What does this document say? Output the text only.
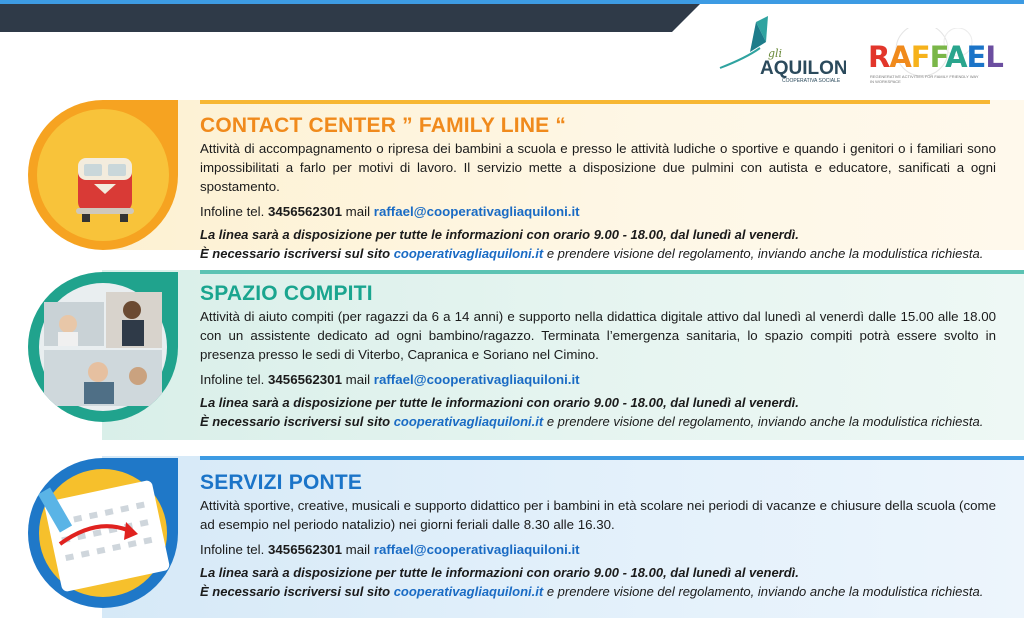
gli
AQUILONI
COOPERATIVA SOCIALE
RAFFAEL
REGENERATIVE ACTIVITIES FOR FAMILY FRIENDLY WAY IN WORKSPACE
CONTACT CENTER ” FAMILY LINE “
Attività di accompagnamento o ripresa dei bambini a scuola e presso le attività ludiche o sportive e quando i genitori o i familiari sono impossibilitati a farlo per motivi di lavoro. Il servizio mette a disposizione due pulmini con autista e educatore, sanificati a ogni spostamento.
Infoline tel. 3456562301 mail raffael@cooperativagliaquiloni.it
La linea sarà a disposizione per tutte le informazioni con orario 9.00 - 18.00, dal lunedì al venerdì.
È necessario iscriversi sul sito cooperativagliaquiloni.it e prendere visione del regolamento, inviando anche la modulistica richiesta.
SPAZIO COMPITI
Attività di aiuto compiti (per ragazzi da 6 a 14 anni) e supporto nella didattica digitale attivo dal lunedì al venerdì dalle 15.00 alle 18.00 con un assistente dedicato ad ogni bambino/ragazzo. Terminata l’emergenza sanitaria, lo spazio compiti potrà essere svolto in presenza presso le sedi di Viterbo, Capranica e Soriano nel Cimino.
Infoline tel. 3456562301 mail raffael@cooperativagliaquiloni.it
La linea sarà a disposizione per tutte le informazioni con orario 9.00 - 18.00, dal lunedì al venerdì.
È necessario iscriversi sul sito cooperativagliaquiloni.it e prendere visione del regolamento, inviando anche la modulistica richiesta.
SERVIZI PONTE
Attività sportive, creative, musicali e supporto didattico per i bambini in età scolare nei periodi di vacanze e chiusure della scuola (come ad esempio nel periodo natalizio) nei giorni feriali dalle 8.30 alle 16.30.
Infoline tel. 3456562301 mail raffael@cooperativagliaquiloni.it
La linea sarà a disposizione per tutte le informazioni con orario 9.00 - 18.00, dal lunedì al venerdì.
È necessario iscriversi sul sito cooperativagliaquiloni.it e prendere visione del regolamento, inviando anche la modulistica richiesta.
